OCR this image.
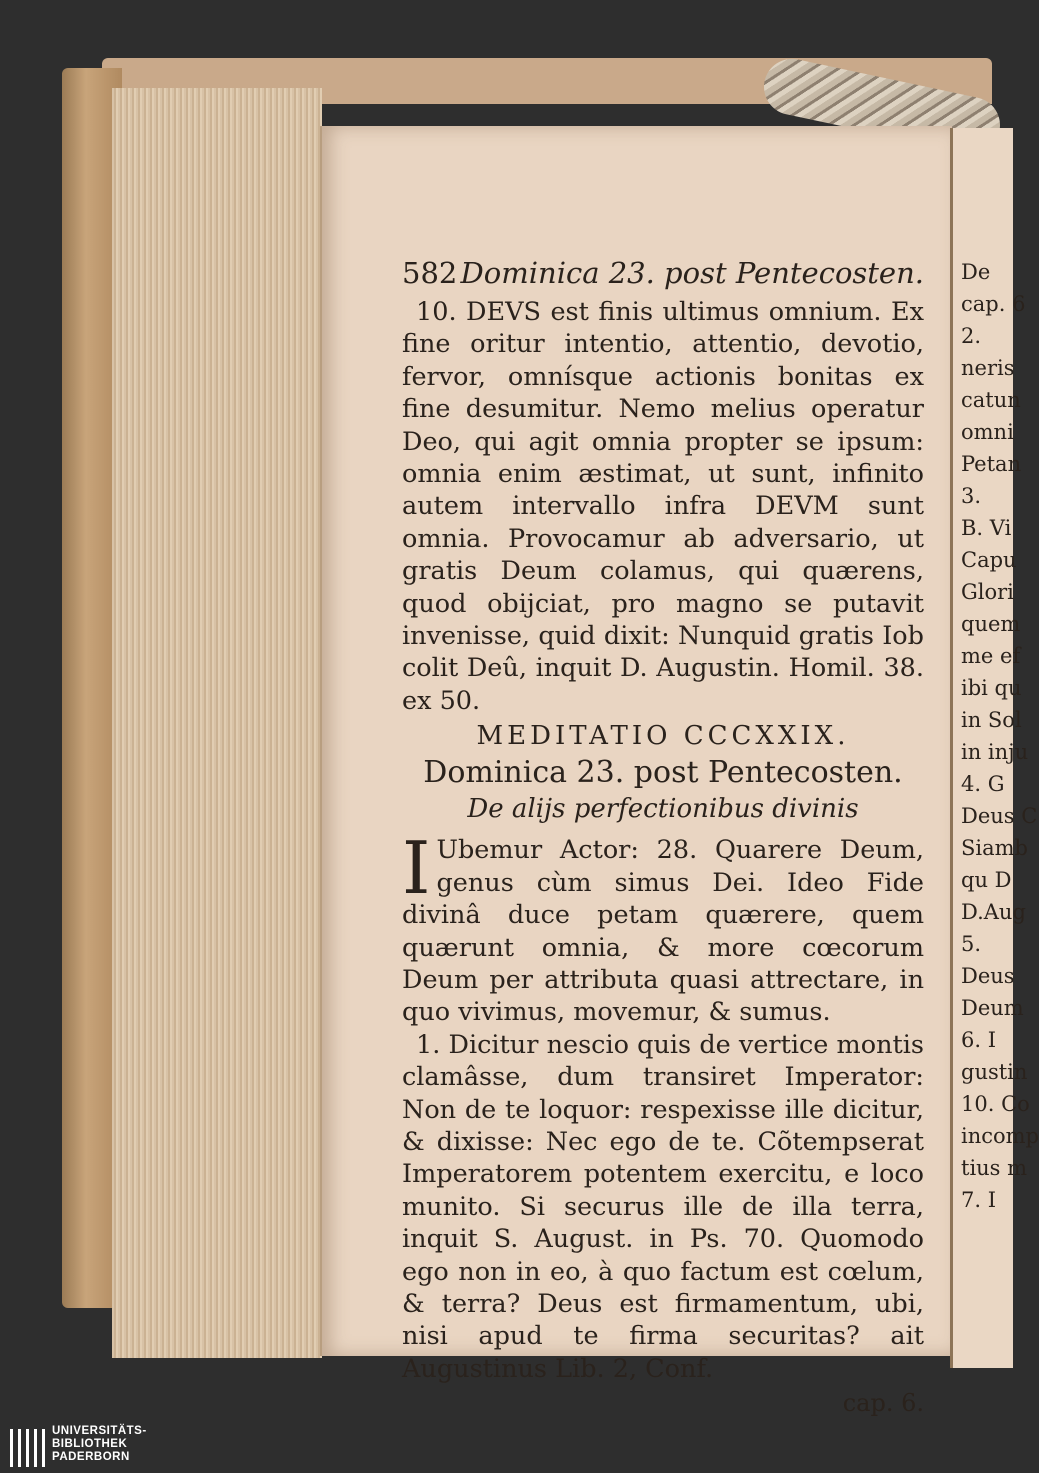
582 Dominica 23. post Pentecosten.

10. DEVS est finis ultimus omnium. Ex fine oritur intentio, attentio, devotio, fervor, omnísque actionis bonitas ex fine desumitur. Nemo melius operatur Deo, qui agit omnia propter se ipsum: omnia enim æstimat, ut sunt, infinito autem intervallo infra DEVM sunt omnia. Provocamur ab adversario, ut gratis Deum colamus, qui quærens, quod obijciat, pro magno se putavit invenisse, quid dixit: Nunquid gratis Iob colit Deû, inquit D. Augustin. Homil. 38. ex 50.

MEDITATIO CCCXXIX.
Dominica 23. post Pentecosten.
De alijs perfectionibus divinis

I Ubemur Actor: 28. Quarere Deum, genus cùm simus Dei. Ideo Fide divinâ duce petam quærere, quem quærunt omnia, & more cœcorum Deum per attributa quasi attrectare, in quo vivimus, movemur, & sumus.

1. Dicitur nescio quis de vertice montis clamâsse, dum transiret Imperator: Non de te loquor: respexisse ille dicitur, & dixisse: Nec ego de te. Cõtempserat Imperatorem potentem exercitu, e loco munito. Si securus ille de illa terra, inquit S. August. in Ps. 70. Quomodo ego non in eo, à quo factum est cœlum, & terra? Deus est firmamentum, ubi, nisi apud te firma securitas? ait Augustinus Lib. 2, Conf.

cap. 6.
De
cap. 6
2.
neris
catun
omni
Petan
3.
B. Vi
Capu
Glori
quem
me ef
ibi qu
in Sol
in inju
4. G
Deus C
Siamb
qu D
D.Aug
5.
Deus
Deum
6. I
gustin
10. Co
incomp
tius m
7. I
UNIVERSITÄTS-
BIBLIOTHEK
PADERBORN
